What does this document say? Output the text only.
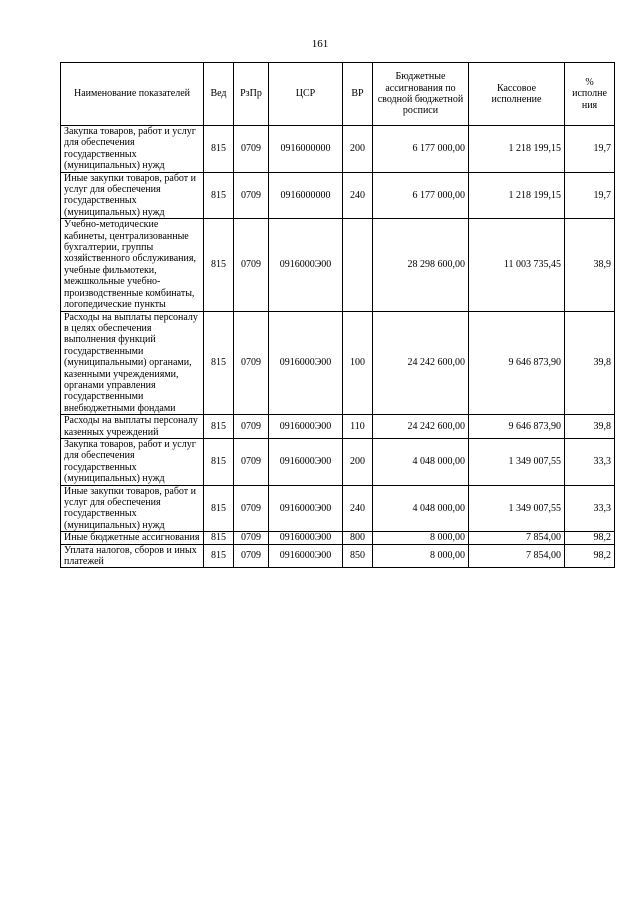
161
Наименование показателей	Вед	РзПр	ЦСР	ВР	Бюджетные ассигнования по сводной бюджетной росписи	Кассовое исполнение	% исполне ния
Закупка товаров, работ и услуг для обеспечения государственных (муниципальных) нужд	815	0709	0916000000	200	6 177 000,00	1 218 199,15	19,7
Иные закупки товаров, работ и услуг для обеспечения государственных (муниципальных) нужд	815	0709	0916000000	240	6 177 000,00	1 218 199,15	19,7
Учебно-методические кабинеты, централизованные бухгалтерии, группы хозяйственного обслуживания, учебные фильмотеки, межшкольные учебно-производственные комбинаты, логопедические пункты	815	0709	0916000Э00		28 298 600,00	11 003 735,45	38,9
Расходы на выплаты персоналу в целях обеспечения выполнения функций государственными (муниципальными) органами, казенными учреждениями, органами управления государственными внебюджетными фондами	815	0709	0916000Э00	100	24 242 600,00	9 646 873,90	39,8
Расходы на выплаты персоналу казенных учреждений	815	0709	0916000Э00	110	24 242 600,00	9 646 873,90	39,8
Закупка товаров, работ и услуг для обеспечения государственных (муниципальных) нужд	815	0709	0916000Э00	200	4 048 000,00	1 349 007,55	33,3
Иные закупки товаров, работ и услуг для обеспечения государственных (муниципальных) нужд	815	0709	0916000Э00	240	4 048 000,00	1 349 007,55	33,3
Иные бюджетные ассигнования	815	0709	0916000Э00	800	8 000,00	7 854,00	98,2
Уплата налогов, сборов и иных платежей	815	0709	0916000Э00	850	8 000,00	7 854,00	98,2
